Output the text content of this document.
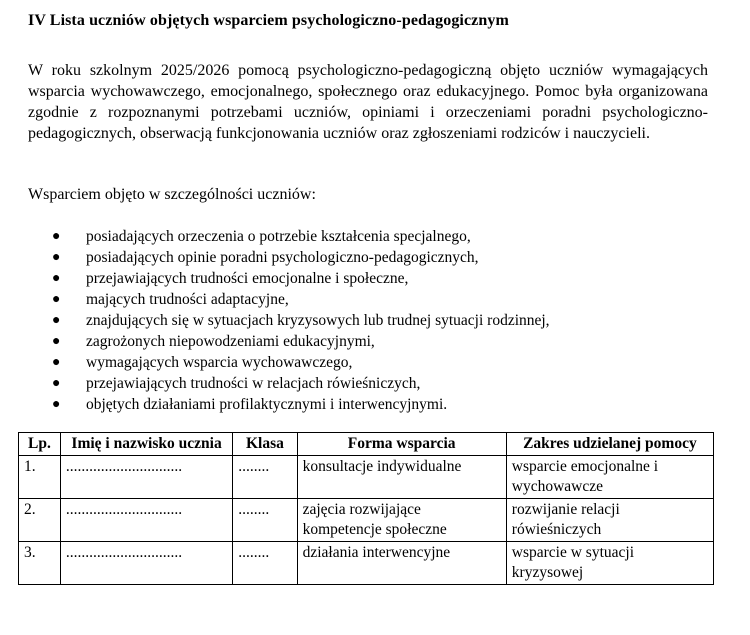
IV Lista uczniów objętych wsparciem psychologiczno-pedagogicznym
W roku szkolnym 2025/2026 pomocą psychologiczno-pedagogiczną objęto uczniów wymagających wsparcia wychowawczego, emocjonalnego, społecznego oraz edukacyjnego. Pomoc była organizowana zgodnie z rozpoznanymi potrzebami uczniów, opiniami i orzeczeniami poradni psychologiczno-pedagogicznych, obserwacją funkcjonowania uczniów oraz zgłoszeniami rodziców i nauczycieli.
Wsparciem objęto w szczególności uczniów:
● posiadających orzeczenia o potrzebie kształcenia specjalnego,
● posiadających opinie poradni psychologiczno-pedagogicznych,
● przejawiających trudności emocjonalne i społeczne,
● mających trudności adaptacyjne,
● znajdujących się w sytuacjach kryzysowych lub trudnej sytuacji rodzinnej,
● zagrożonych niepowodzeniami edukacyjnymi,
● wymagających wsparcia wychowawczego,
● przejawiających trudności w relacjach rówieśniczych,
● objętych działaniami profilaktycznymi i interwencyjnymi.
Lp.	Imię i nazwisko ucznia	Klasa	Forma wsparcia	Zakres udzielanej pomocy
1.	..............................	........	konsultacje indywidualne	wsparcie emocjonalne i wychowawcze
2.	..............................	........	zajęcia rozwijające kompetencje społeczne	rozwijanie relacji rówieśniczych
3.	..............................	........	działania interwencyjne	wsparcie w sytuacji kryzysowej
